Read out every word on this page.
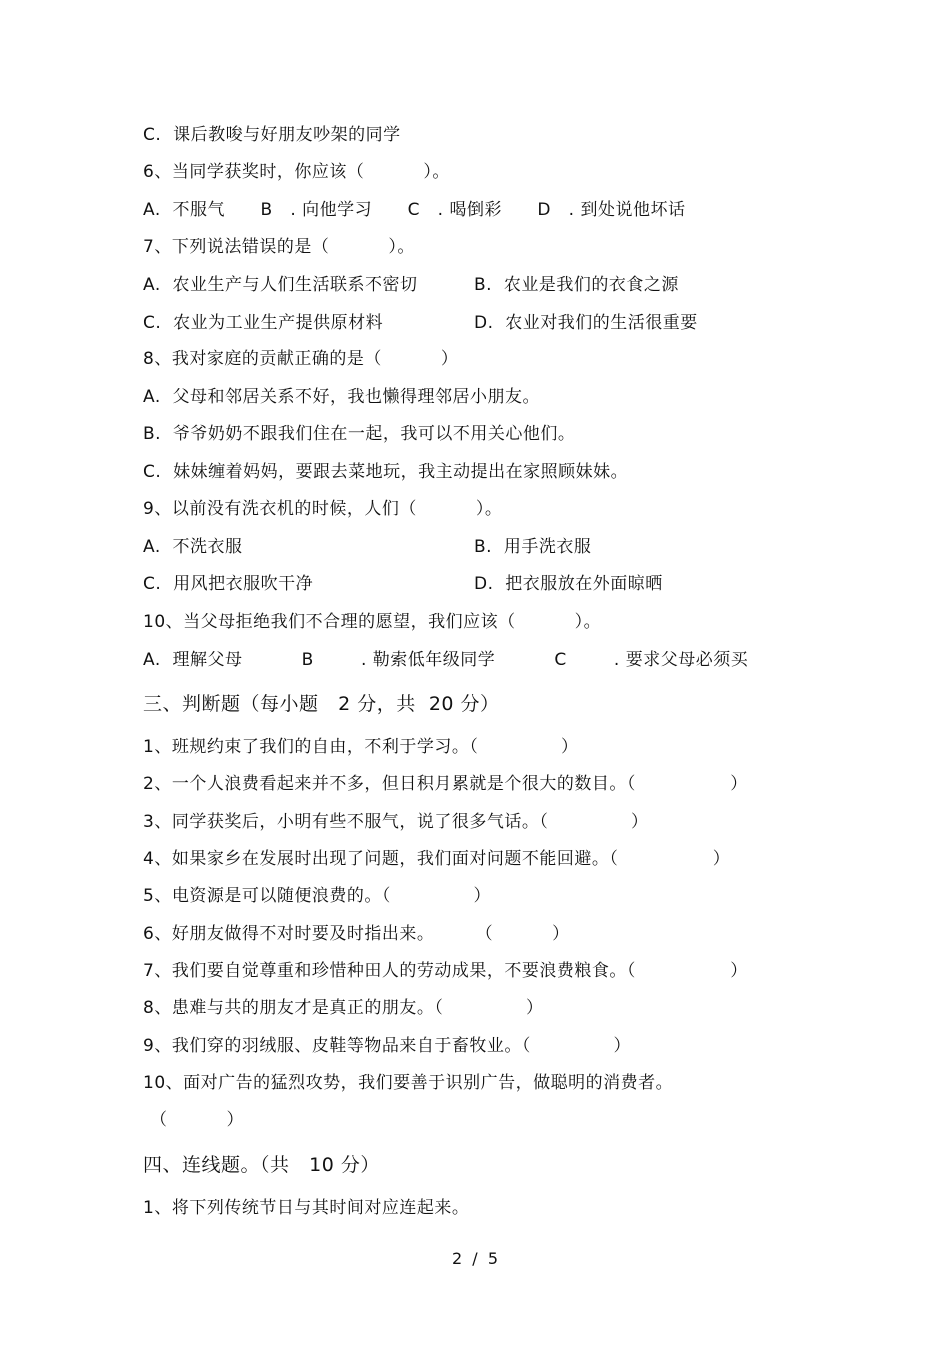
C.  课后教唆与好朋友吵架的同学
6、当同学获奖时，你应该（          ）。
A.  不服气      B   . 向他学习      C   . 喝倒彩      D   . 到处说他坏话
7、下列说法错误的是（          ）。
A.  农业生产与人们生活联系不密切	B.  农业是我们的衣食之源
C.  农业为工业生产提供原材料	D.  农业对我们的生活很重要
8、我对家庭的贡献正确的是（          ）
A.  父母和邻居关系不好，我也懒得理邻居小朋友。
B.  爷爷奶奶不跟我们住在一起，我可以不用关心他们。
C.  妹妹缠着妈妈，要跟去菜地玩，我主动提出在家照顾妹妹。
9、以前没有洗衣机的时候，人们（          ）。
A.  不洗衣服	B.  用手洗衣服
C.  用风把衣服吹干净	D.  把衣服放在外面晾晒
10、当父母拒绝我们不合理的愿望，我们应该（          ）。
A.  理解父母          B        . 勒索低年级同学          C        . 要求父母必须买
三、判断题（每小题   2 分，共  20 分）
1、班规约束了我们的自由，不利于学习。（              ）
2、一个人浪费看起来并不多，但日积月累就是个很大的数目。（                ）
3、同学获奖后，小明有些不服气，说了很多气话。（              ）
4、如果家乡在发展时出现了问题，我们面对问题不能回避。（                ）
5、电资源是可以随便浪费的。（              ）
6、好朋友做得不对时要及时指出来。       （          ）
7、我们要自觉尊重和珍惜种田人的劳动成果，不要浪费粮食。（                ）
8、患难与共的朋友才是真正的朋友。（              ）
9、我们穿的羽绒服、皮鞋等物品来自于畜牧业。（              ）
10、面对广告的猛烈攻势，我们要善于识别广告，做聪明的消费者。
（          ）
四、连线题。（共   10 分）
1、将下列传统节日与其时间对应连起来。
2  /  5
